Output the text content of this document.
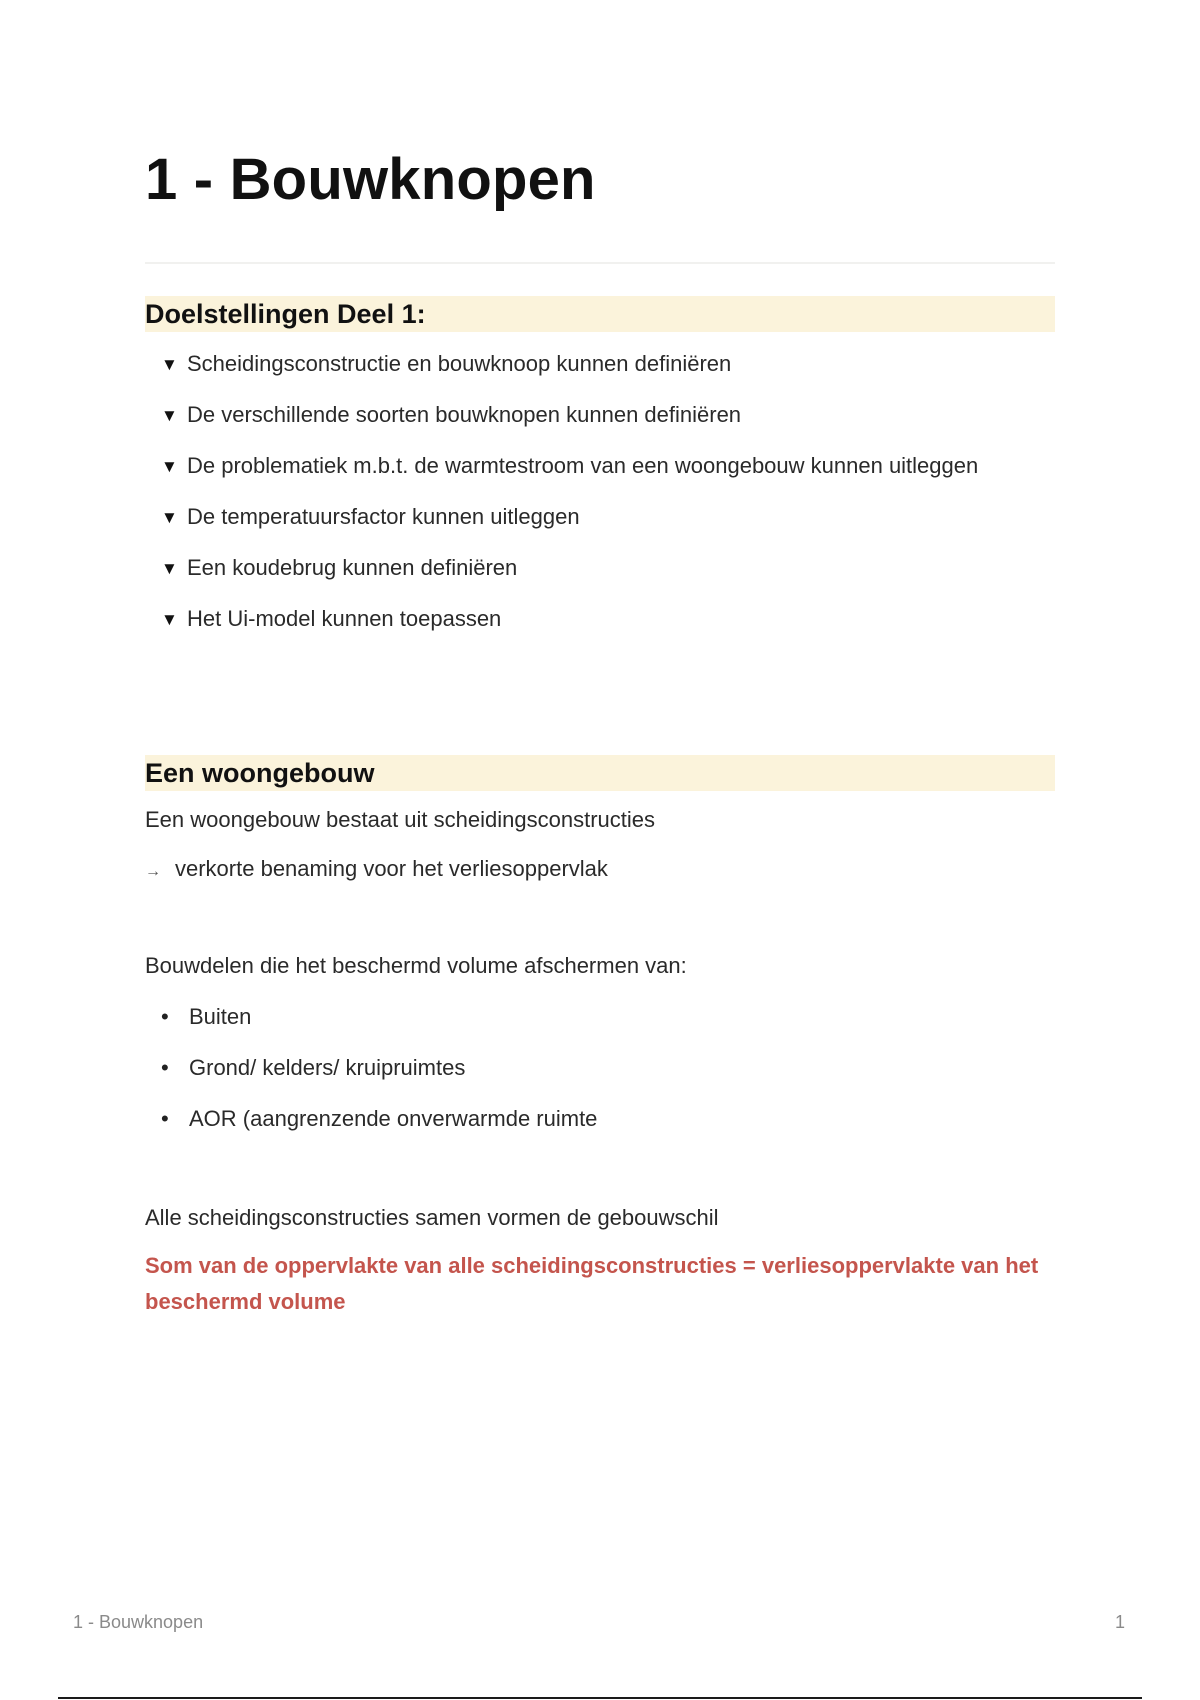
1 - Bouwknopen
Doelstellingen Deel 1:
▼ Scheidingsconstructie en bouwknoop kunnen definiëren
▼ De verschillende soorten bouwknopen kunnen definiëren
▼ De problematiek m.b.t. de warmtestroom van een woongebouw kunnen uitleggen
▼ De temperatuursfactor kunnen uitleggen
▼ Een koudebrug kunnen definiëren
▼ Het Ui-model kunnen toepassen
Een woongebouw

Een woongebouw bestaat uit scheidingsconstructies

→ verkorte benaming voor het verliesoppervlak

Bouwdelen die het beschermd volume afschermen van:

• Buiten
• Grond/ kelders/ kruipruimtes
• AOR (aangrenzende onverwarmde ruimte

Alle scheidingsconstructies samen vormen de gebouwschil

Som van de oppervlakte van alle scheidingsconstructies = verliesoppervlakte van het beschermd volume

1 - Bouwknopen	1
